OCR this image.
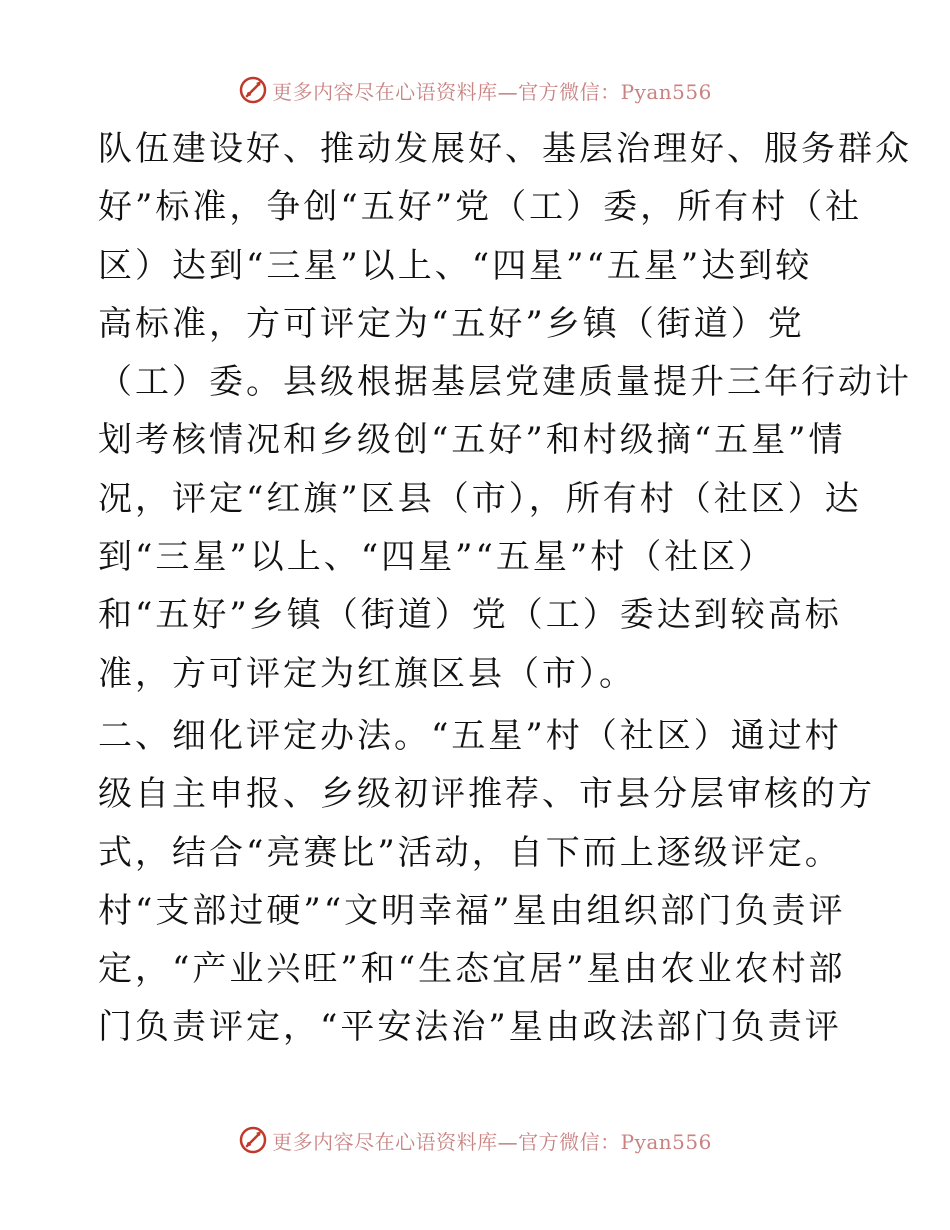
更多内容尽在心语资料库—官方微信：Pyan556
队伍建设好、推动发展好、基层治理好、服务群众
好”标准，争创“五好”党（工）委，所有村（社
区）达到“三星”以上、“四星”“五星”达到较
高标准，方可评定为“五好”乡镇（街道）党
（工）委。县级根据基层党建质量提升三年行动计
划考核情况和乡级创“五好”和村级摘“五星”情
况，评定“红旗”区县（市），所有村（社区）达
到“三星”以上、“四星”“五星”村（社区）
和“五好”乡镇（街道）党（工）委达到较高标
准，方可评定为红旗区县（市）。
二、细化评定办法。“五星”村（社区）通过村
级自主申报、乡级初评推荐、市县分层审核的方
式，结合“亮赛比”活动，自下而上逐级评定。
村“支部过硬”“文明幸福”星由组织部门负责评
定，“产业兴旺”和“生态宜居”星由农业农村部
门负责评定，“平安法治”星由政法部门负责评
更多内容尽在心语资料库—官方微信：Pyan556
